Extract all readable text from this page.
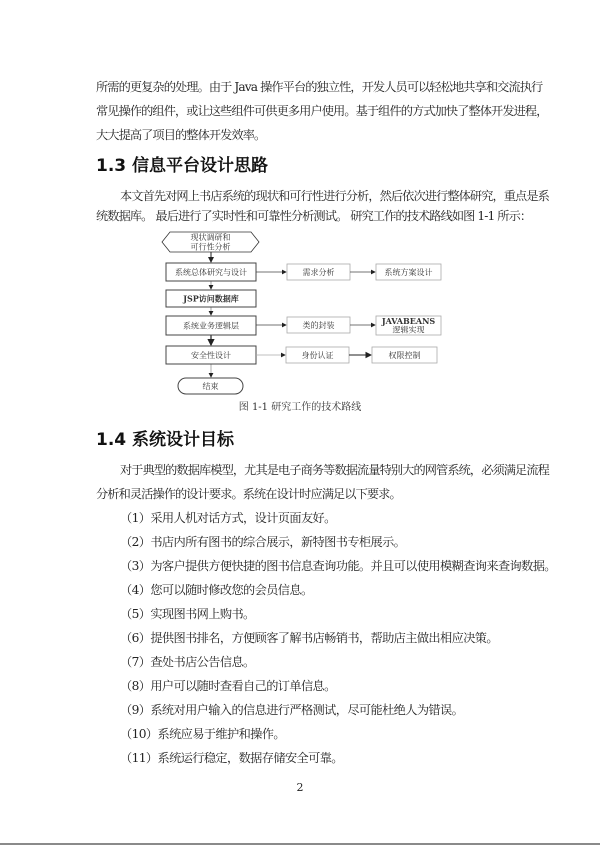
所需的更复杂的处理。由于 Java 操作平台的独立性，开发人员可以轻松地共享和交流执行

常见操作的组件，或让这些组件可供更多用户使用。基于组件的方式加快了整体开发进程，

大大提高了项目的整体开发效率。

1.3 信息平台设计思路

本文首先对网上书店系统的现状和可行性进行分析，然后依次进行整体研究，重点是系

统数据库。 最后进行了实时性和可靠性分析测试。 研究工作的技术路线如图 1-1 所示：

现状调研和
可行性分析
系统总体研究与设计
JSP访问数据库
系统业务逻辑层
安全性设计
结束
需求分析	系统方案设计
类的封装	JAVABEANS
逻辑实现
身份认证	权限控制
图 1-1 研究工作的技术路线
1.4 系统设计目标

对于典型的数据库模型，尤其是电子商务等数据流量特别大的网管系统，必须满足流程

分析和灵活操作的设计要求。系统在设计时应满足以下要求。

（1）采用人机对话方式，设计页面友好。

（2）书店内所有图书的综合展示，新特图书专柜展示。

（3）为客户提供方便快捷的图书信息查询功能。并且可以使用模糊查询来查询数据。

（4）您可以随时修改您的会员信息。

（5）实现图书网上购书。

（6）提供图书排名，方便顾客了解书店畅销书，帮助店主做出相应决策。

（7）查处书店公告信息。

（8）用户可以随时查看自己的订单信息。

（9）系统对用户输入的信息进行严格测试，尽可能杜绝人为错误。

（10）系统应易于维护和操作。

（11）系统运行稳定，数据存储安全可靠。

2
